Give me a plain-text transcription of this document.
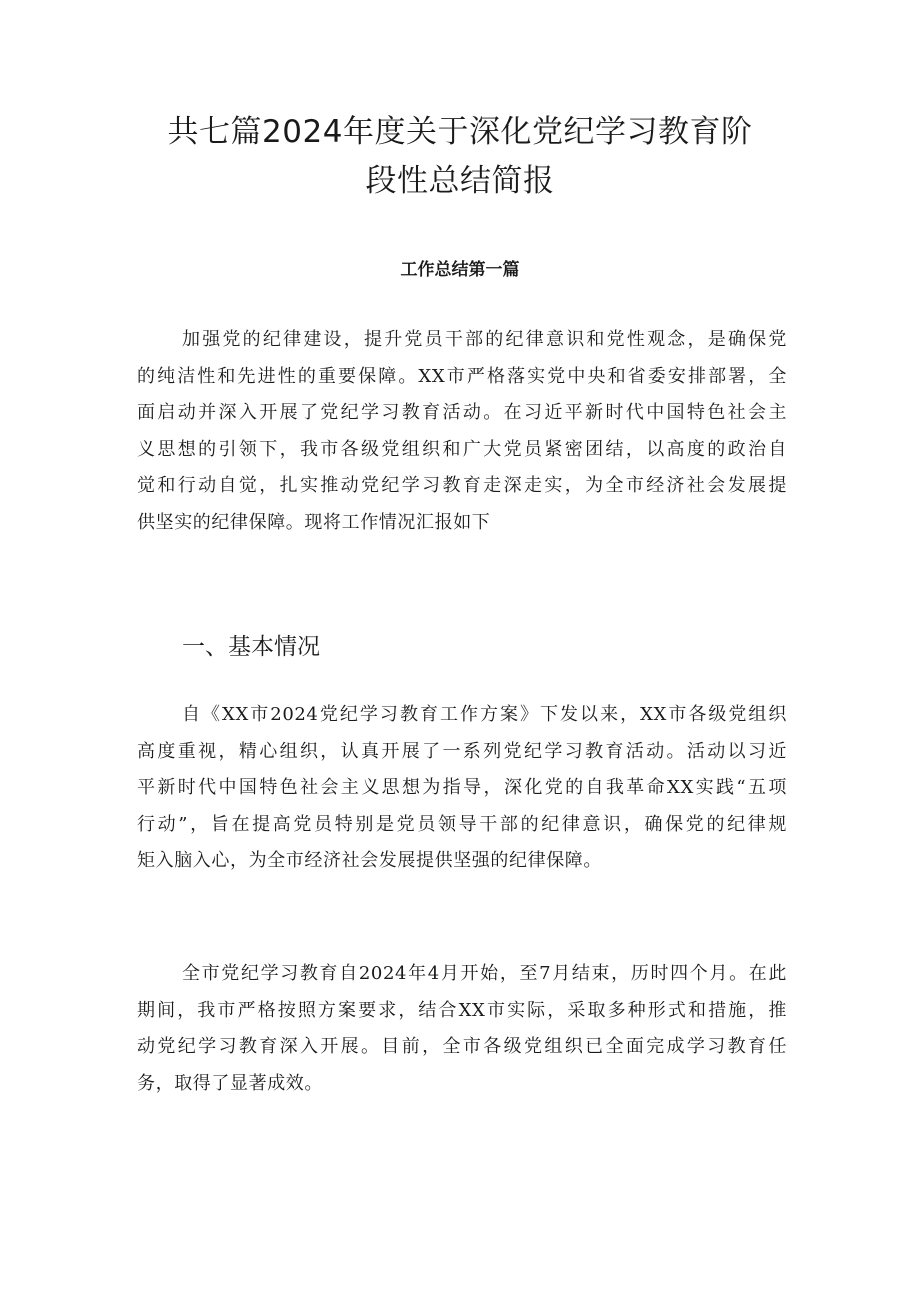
共七篇2024年度关于深化党纪学习教育阶
段性总结简报
工作总结第一篇

加强党的纪律建设，提升党员干部的纪律意识和党性观念，是确保党
的纯洁性和先进性的重要保障。XX市严格落实党中央和省委安排部署，全
面启动并深入开展了党纪学习教育活动。在习近平新时代中国特色社会主
义思想的引领下，我市各级党组织和广大党员紧密团结，以高度的政治自
觉和行动自觉，扎实推动党纪学习教育走深走实，为全市经济社会发展提
供坚实的纪律保障。现将工作情况汇报如下

一、基本情况

自《XX市2024党纪学习教育工作方案》下发以来，XX市各级党组织
高度重视，精心组织，认真开展了一系列党纪学习教育活动。活动以习近
平新时代中国特色社会主义思想为指导，深化党的自我革命XX实践“五项
行动”，旨在提高党员特别是党员领导干部的纪律意识，确保党的纪律规
矩入脑入心，为全市经济社会发展提供坚强的纪律保障。

全市党纪学习教育自2024年4月开始，至7月结束，历时四个月。在此
期间，我市严格按照方案要求，结合XX市实际，采取多种形式和措施，推
动党纪学习教育深入开展。目前，全市各级党组织已全面完成学习教育任
务，取得了显著成效。
